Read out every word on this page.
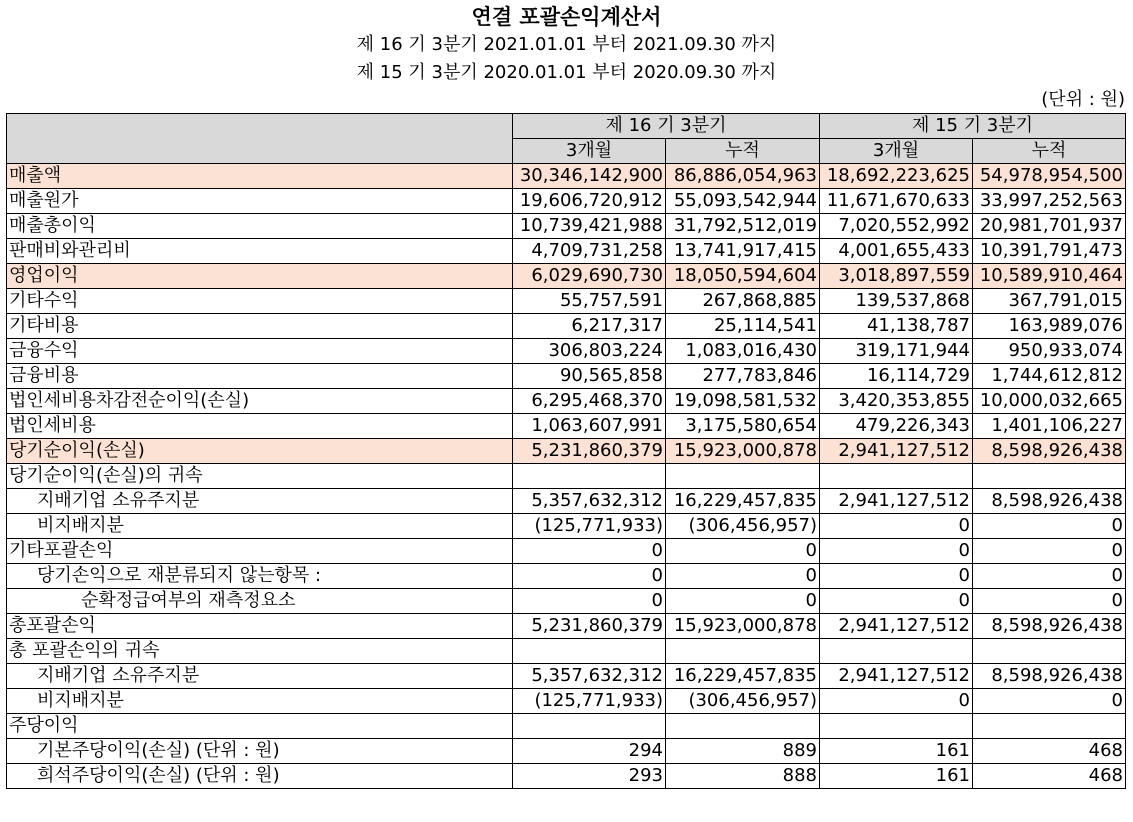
연결 포괄손익계산서
제 16 기 3분기 2021.01.01 부터 2021.09.30 까지
제 15 기 3분기 2020.01.01 부터 2020.09.30 까지
(단위 : 원)
	제 16 기 3분기		제 15 기 3분기	
	3개월	누적	3개월	누적
매출액	30,346,142,900	86,886,054,963	18,692,223,625	54,978,954,500
매출원가	19,606,720,912	55,093,542,944	11,671,670,633	33,997,252,563
매출총이익	10,739,421,988	31,792,512,019	7,020,552,992	20,981,701,937
판매비와관리비	4,709,731,258	13,741,917,415	4,001,655,433	10,391,791,473
영업이익	6,029,690,730	18,050,594,604	3,018,897,559	10,589,910,464
기타수익	55,757,591	267,868,885	139,537,868	367,791,015
기타비용	6,217,317	25,114,541	41,138,787	163,989,076
금융수익	306,803,224	1,083,016,430	319,171,944	950,933,074
금융비용	90,565,858	277,783,846	16,114,729	1,744,612,812
법인세비용차감전순이익(손실)	6,295,468,370	19,098,581,532	3,420,353,855	10,000,032,665
법인세비용	1,063,607,991	3,175,580,654	479,226,343	1,401,106,227
당기순이익(손실)	5,231,860,379	15,923,000,878	2,941,127,512	8,598,926,438
당기순이익(손실)의 귀속				
지배기업 소유주지분	5,357,632,312	16,229,457,835	2,941,127,512	8,598,926,438
비지배지분	(125,771,933)	(306,456,957)	0	0
기타포괄손익	0	0	0	0
당기손익으로 재분류되지 않는항목 :	0	0	0	0
순확정급여부의 재측정요소	0	0	0	0
총포괄손익	5,231,860,379	15,923,000,878	2,941,127,512	8,598,926,438
총 포괄손익의 귀속				
지배기업 소유주지분	5,357,632,312	16,229,457,835	2,941,127,512	8,598,926,438
비지배지분	(125,771,933)	(306,456,957)	0	0
주당이익				
기본주당이익(손실) (단위 : 원)	294	889	161	468
희석주당이익(손실) (단위 : 원)	293	888	161	468
